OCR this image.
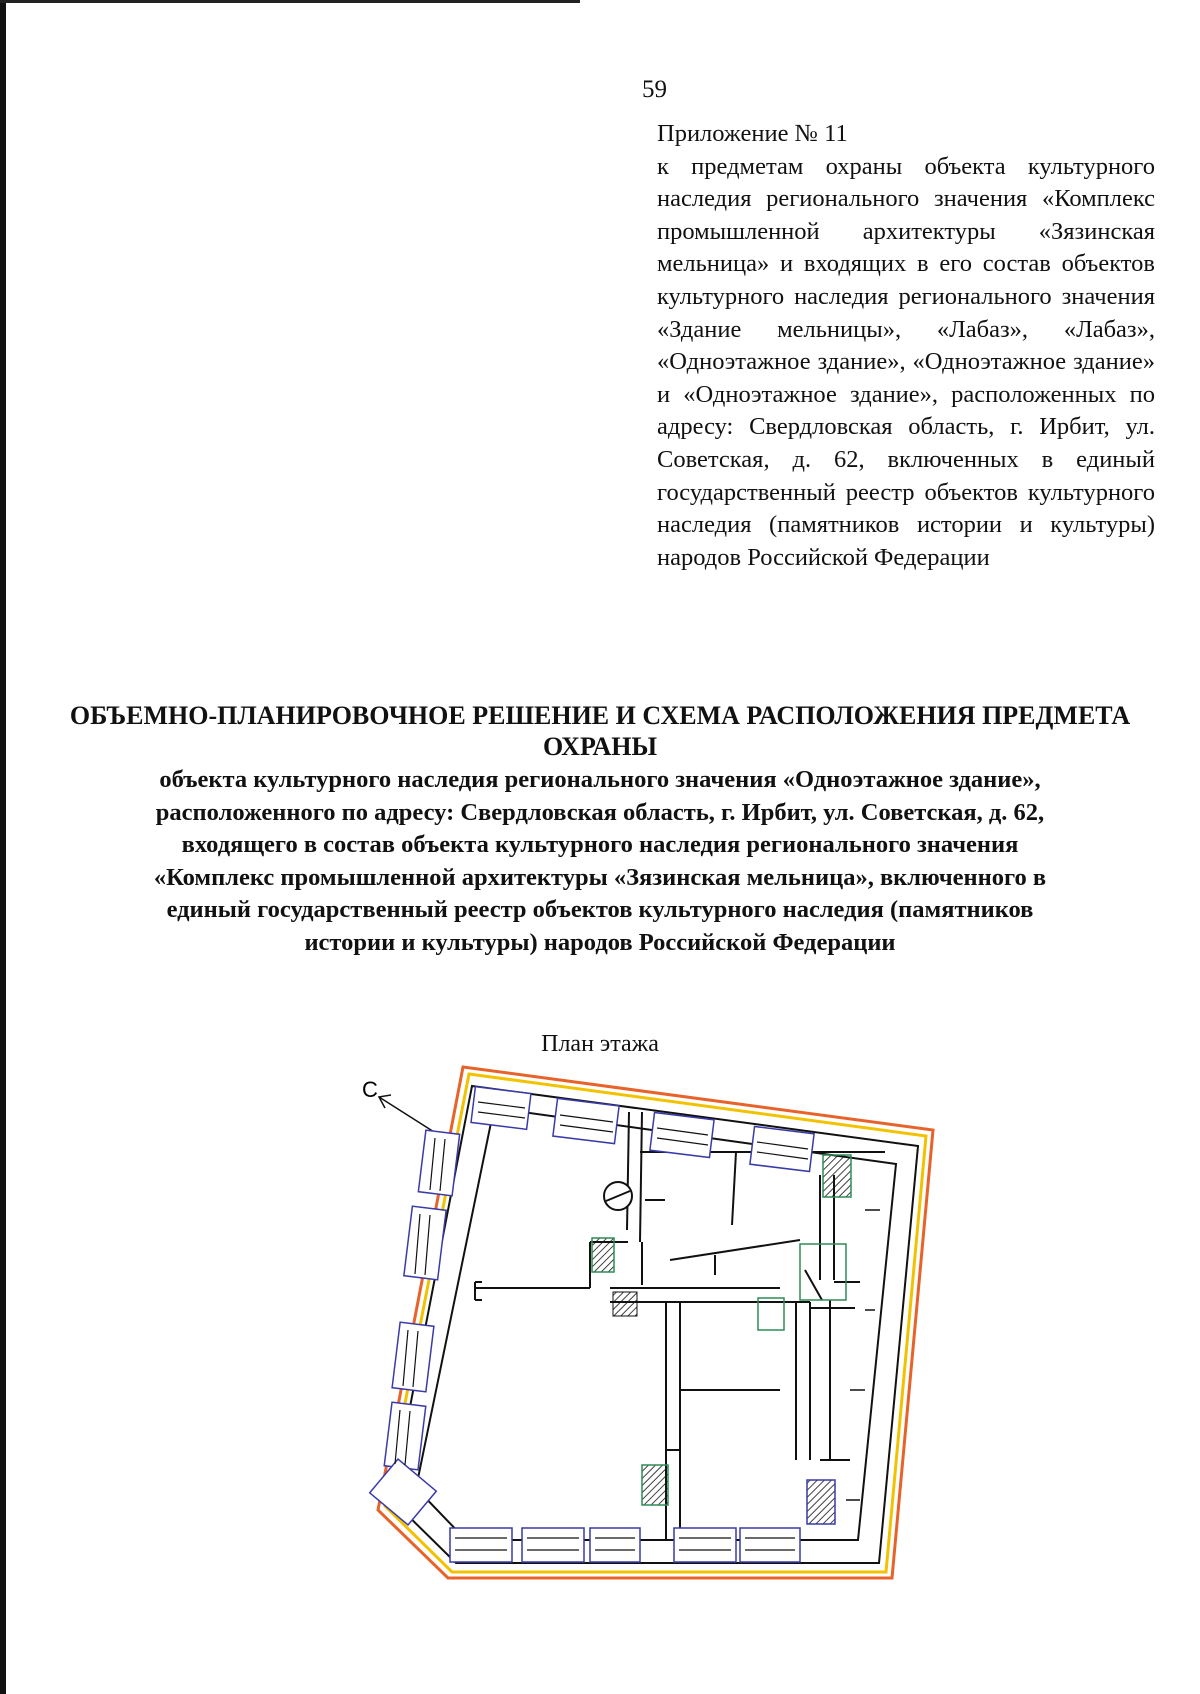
59
Приложение № 11
к предметам охраны объекта культурного наследия регионального значения «Комплекс промышленной архитектуры «Зязинская мельница» и входящих в его состав объектов культурного наследия регионального значения «Здание мельницы», «Лабаз», «Лабаз», «Одноэтажное здание», «Одноэтажное здание» и «Одноэтажное здание», расположенных по адресу: Свердловская область, г. Ирбит, ул. Советская, д. 62, включенных в единый государственный реестр объектов культурного наследия (памятников истории и культуры) народов Российской Федерации
ОБЪЕМНО-ПЛАНИРОВОЧНОЕ РЕШЕНИЕ И СХЕМА РАСПОЛОЖЕНИЯ ПРЕДМЕТА ОХРАНЫ
объекта культурного наследия регионального значения «Одноэтажное здание», расположенного по адресу: Свердловская область, г. Ирбит, ул. Советская, д. 62, входящего в состав объекта культурного наследия регионального значения «Комплекс промышленной архитектуры «Зязинская мельница», включенного в единый государственный реестр объектов культурного наследия (памятников истории и культуры) народов Российской Федерации
План этажа
С
